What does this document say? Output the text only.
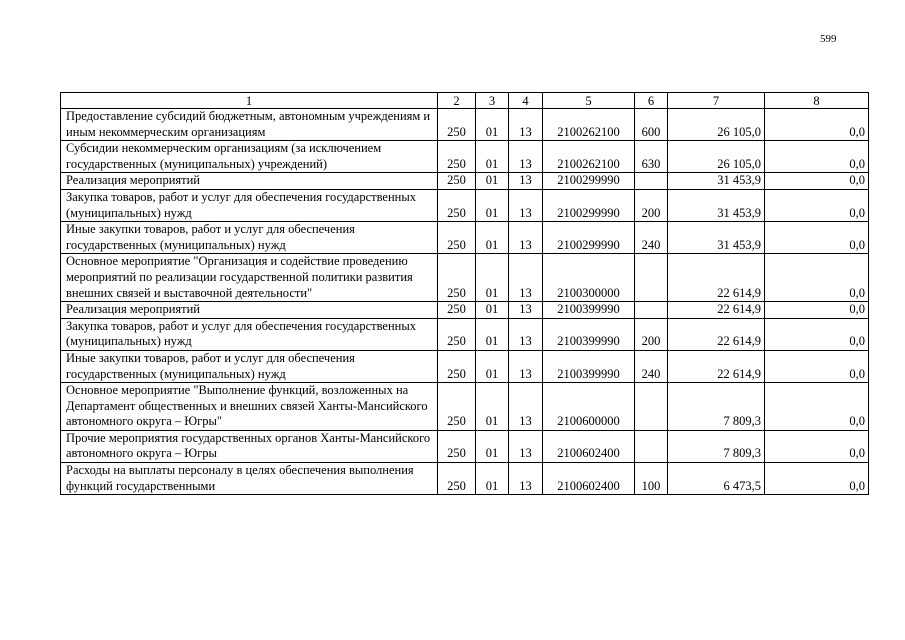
599
1	2	3	4	5	6	7	8
Предоставление субсидий бюджетным, автономным учреждениям и иным некоммерческим организациям	250	01	13	2100262100	600	26 105,0	0,0
Субсидии некоммерческим организациям (за исключением государственных (муниципальных) учреждений)	250	01	13	2100262100	630	26 105,0	0,0
Реализация мероприятий	250	01	13	2100299990		31 453,9	0,0
Закупка товаров, работ и услуг для обеспечения государственных (муниципальных) нужд	250	01	13	2100299990	200	31 453,9	0,0
Иные закупки товаров, работ и услуг для обеспечения государственных (муниципальных) нужд	250	01	13	2100299990	240	31 453,9	0,0
Основное мероприятие "Организация и содействие проведению мероприятий по реализации государственной политики развития внешних связей и выставочной деятельности"	250	01	13	2100300000		22 614,9	0,0
Реализация мероприятий	250	01	13	2100399990		22 614,9	0,0
Закупка товаров, работ и услуг для обеспечения государственных (муниципальных) нужд	250	01	13	2100399990	200	22 614,9	0,0
Иные закупки товаров, работ и услуг для обеспечения государственных (муниципальных) нужд	250	01	13	2100399990	240	22 614,9	0,0
Основное мероприятие "Выполнение функций, возложенных на Департамент общественных и внешних связей Ханты-Мансийского автономного округа – Югры"	250	01	13	2100600000		7 809,3	0,0
Прочие мероприятия государственных органов Ханты-Мансийского автономного округа – Югры	250	01	13	2100602400		7 809,3	0,0
Расходы на выплаты персоналу в целях обеспечения выполнения функций государственными	250	01	13	2100602400	100	6 473,5	0,0
